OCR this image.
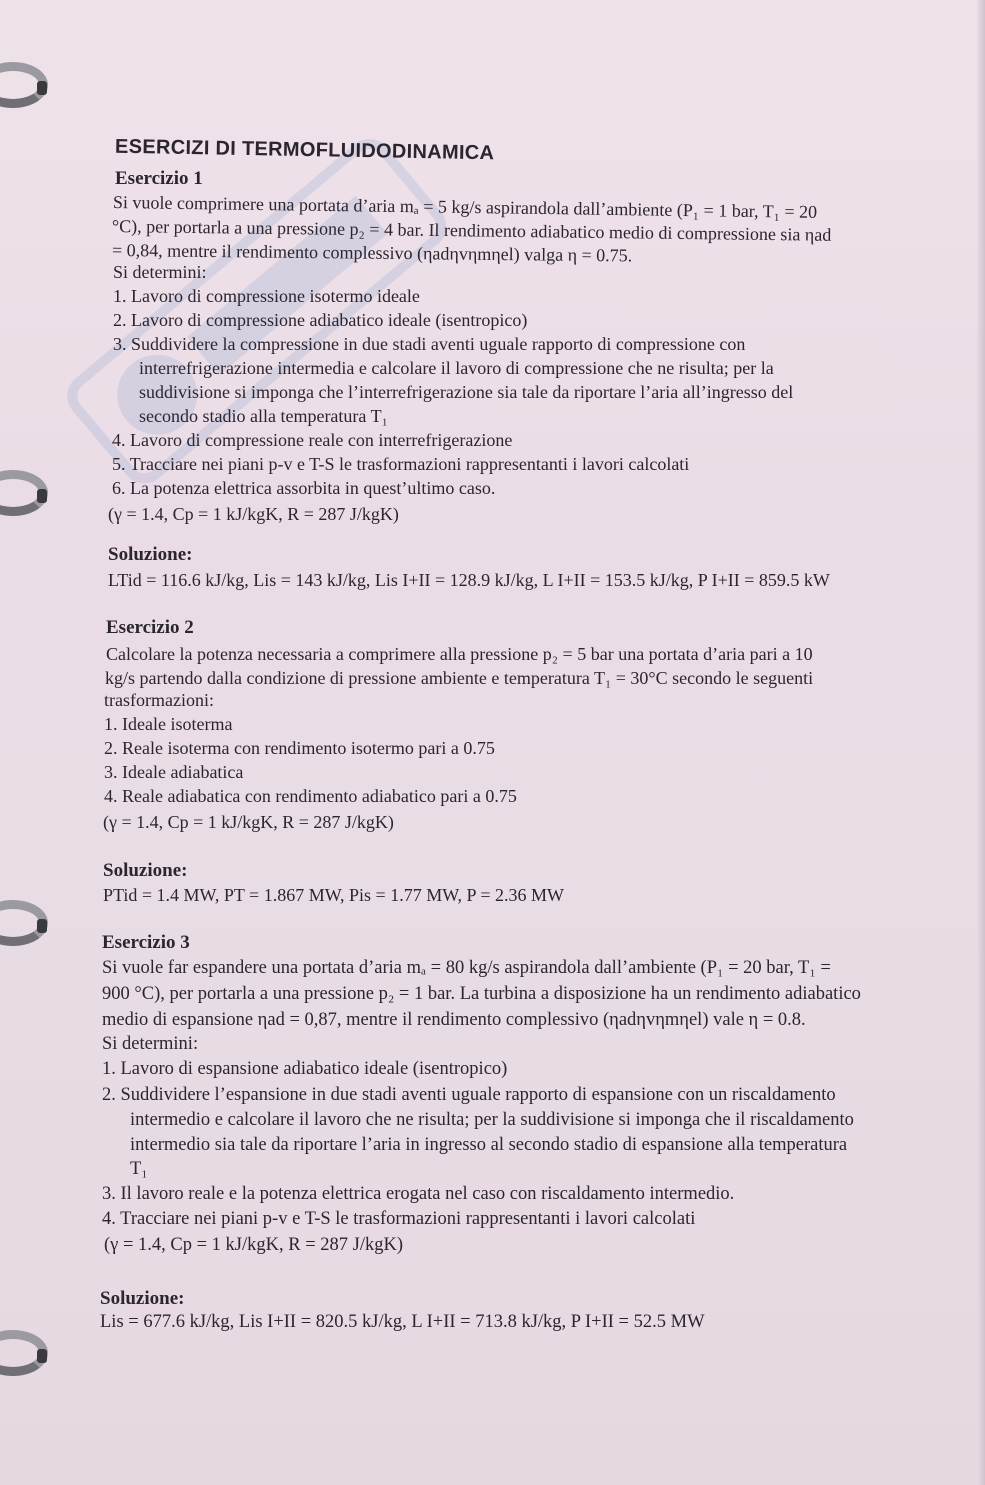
ESERCIZI DI TERMOFLUIDODINAMICA
Esercizio 1
Si vuole comprimere una portata d’aria mₐ = 5 kg/s aspirandola dall’ambiente (P₁ = 1 bar, T₁ = 20
°C), per portarla a una pressione p₂ = 4 bar. Il rendimento adiabatico medio di compressione sia ηad
= 0,84, mentre il rendimento complessivo (ηadηvηmηel) valga η = 0.75.
Si determini:
1. Lavoro di compressione isotermo ideale
2. Lavoro di compressione adiabatico ideale (isentropico)
3. Suddividere la compressione in due stadi aventi uguale rapporto di compressione con
interrefrigerazione intermedia e calcolare il lavoro di compressione che ne risulta; per la
suddivisione si imponga che l’interrefrigerazione sia tale da riportare l’aria all’ingresso del
secondo stadio alla temperatura T₁
4. Lavoro di compressione reale con interrefrigerazione
5. Tracciare nei piani p-v e T-S le trasformazioni rappresentanti i lavori calcolati
6. La potenza elettrica assorbita in quest’ultimo caso.
(γ = 1.4, Cp = 1 kJ/kgK, R = 287 J/kgK)
Soluzione:
LTid = 116.6 kJ/kg, Lis = 143 kJ/kg, Lis I+II = 128.9 kJ/kg, L I+II = 153.5 kJ/kg, P I+II = 859.5 kW
Esercizio 2
Calcolare la potenza necessaria a comprimere alla pressione p₂ = 5 bar una portata d’aria pari a 10
kg/s partendo dalla condizione di pressione ambiente e temperatura T₁ = 30°C secondo le seguenti
trasformazioni:
1. Ideale isoterma
2. Reale isoterma con rendimento isotermo pari a 0.75
3. Ideale adiabatica
4. Reale adiabatica con rendimento adiabatico pari a 0.75
(γ = 1.4, Cp = 1 kJ/kgK, R = 287 J/kgK)
Soluzione:
PTid = 1.4 MW, PT = 1.867 MW, Pis = 1.77 MW, P = 2.36 MW
Esercizio 3
Si vuole far espandere una portata d’aria mₐ = 80 kg/s aspirandola dall’ambiente (P₁ = 20 bar, T₁ =
900 °C), per portarla a una pressione p₂ = 1 bar. La turbina a disposizione ha un rendimento adiabatico
medio di espansione ηad = 0,87, mentre il rendimento complessivo (ηadηvηmηel) vale η = 0.8.
Si determini:
1. Lavoro di espansione adiabatico ideale (isentropico)
2. Suddividere l’espansione in due stadi aventi uguale rapporto di espansione con un riscaldamento
intermedio e calcolare il lavoro che ne risulta; per la suddivisione si imponga che il riscaldamento
intermedio sia tale da riportare l’aria in ingresso al secondo stadio di espansione alla temperatura
T₁
3. Il lavoro reale e la potenza elettrica erogata nel caso con riscaldamento intermedio.
4. Tracciare nei piani p-v e T-S le trasformazioni rappresentanti i lavori calcolati
(γ = 1.4, Cp = 1 kJ/kgK, R = 287 J/kgK)
Soluzione:
Lis = 677.6 kJ/kg, Lis I+II = 820.5 kJ/kg, L I+II = 713.8 kJ/kg, P I+II = 52.5 MW
